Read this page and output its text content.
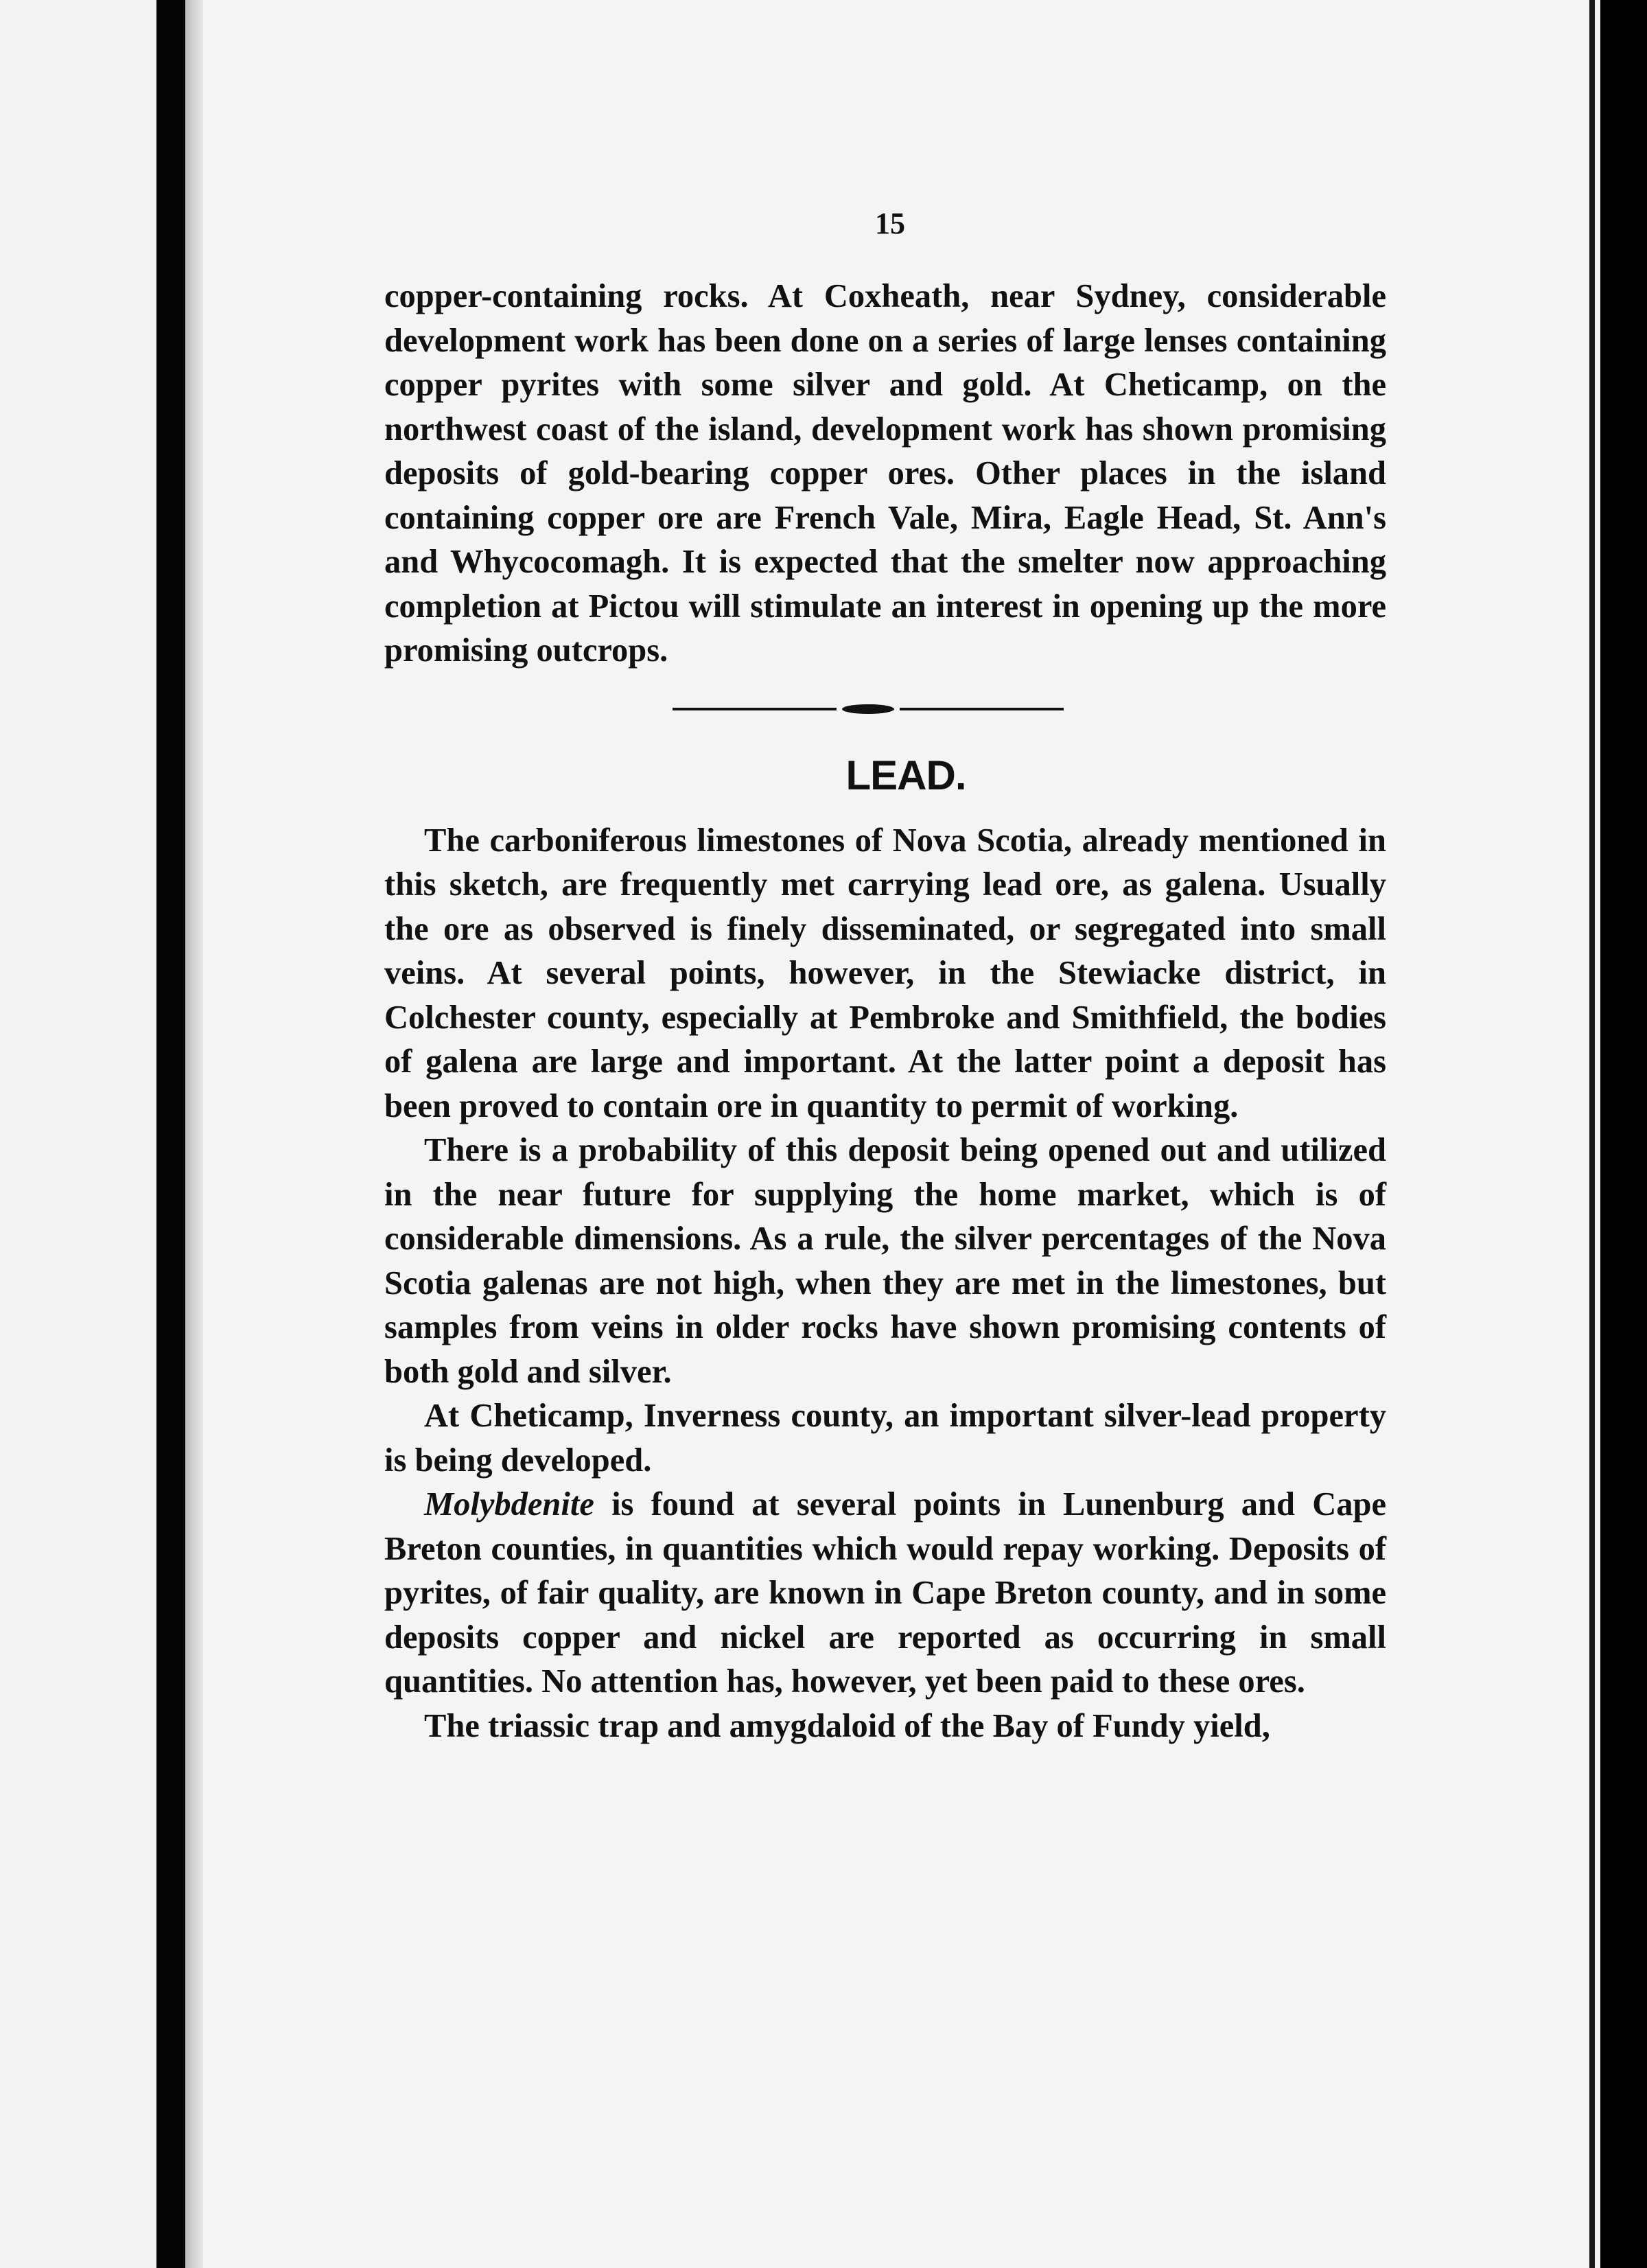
15

copper-containing rocks. At Coxheath, near Sydney, considerable development work has been done on a series of large lenses containing copper pyrites with some silver and gold. At Cheticamp, on the northwest coast of the island, development work has shown promising deposits of gold-bearing copper ores. Other places in the island containing copper ore are French Vale, Mira, Eagle Head, St. Ann's and Whycocomagh. It is expected that the smelter now approaching completion at Pictou will stimulate an interest in opening up the more promising outcrops.

LEAD.

The carboniferous limestones of Nova Scotia, already mentioned in this sketch, are frequently met carrying lead ore, as galena. Usually the ore as observed is finely disseminated, or segregated into small veins. At several points, however, in the Stewiacke district, in Colchester county, especially at Pembroke and Smithfield, the bodies of galena are large and important. At the latter point a deposit has been proved to contain ore in quantity to permit of working.

There is a probability of this deposit being opened out and utilized in the near future for supplying the home market, which is of considerable dimensions. As a rule, the silver percentages of the Nova Scotia galenas are not high, when they are met in the limestones, but samples from veins in older rocks have shown promising contents of both gold and silver.

At Cheticamp, Inverness county, an important silver-lead property is being developed.

Molybdenite is found at several points in Lunenburg and Cape Breton counties, in quantities which would repay working. Deposits of pyrites, of fair quality, are known in Cape Breton county, and in some deposits copper and nickel are reported as occurring in small quantities. No attention has, however, yet been paid to these ores.

The triassic trap and amygdaloid of the Bay of Fundy yield,
